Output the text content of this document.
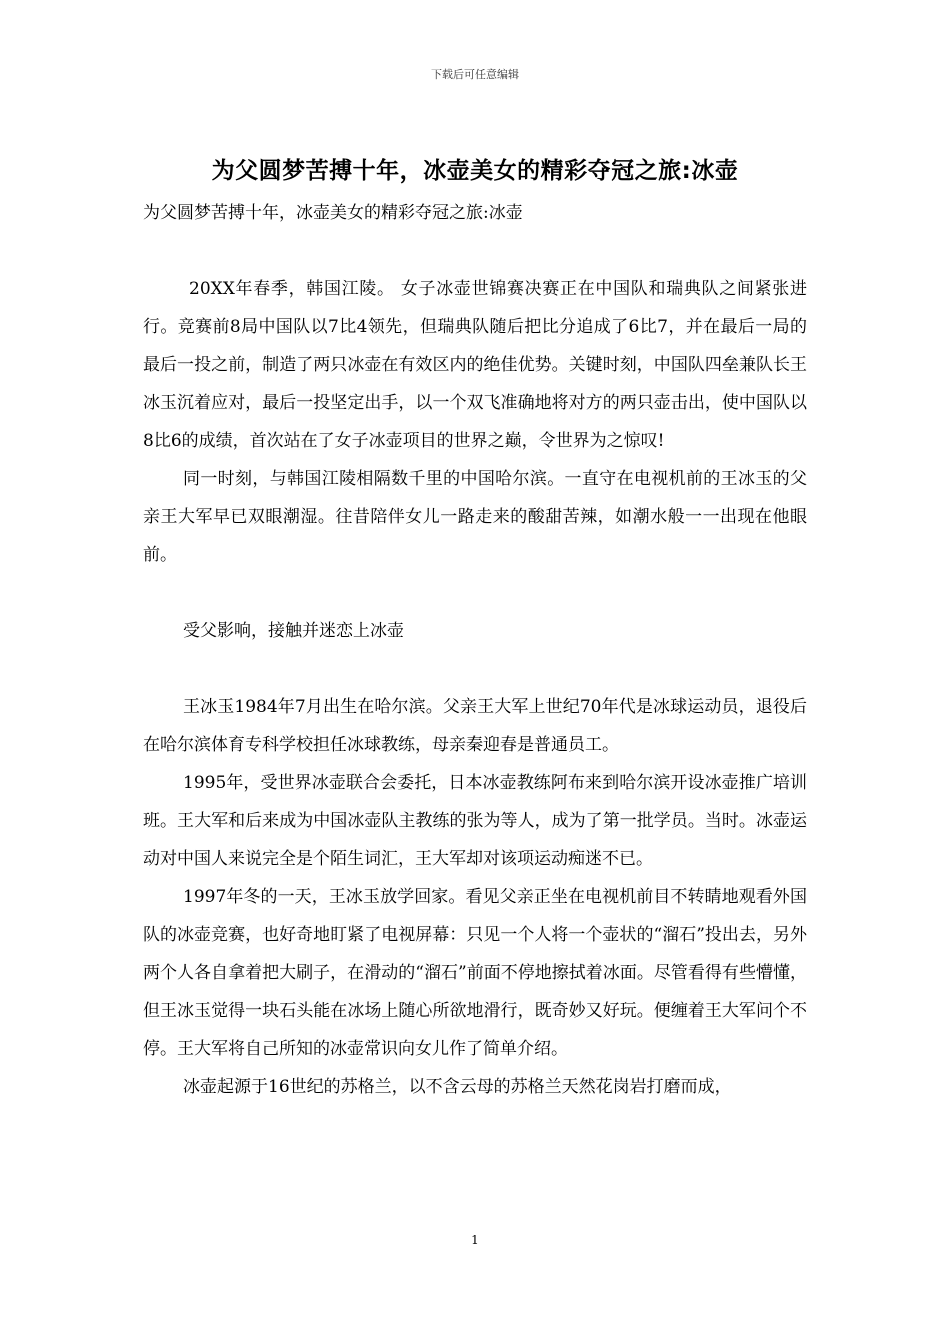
下载后可任意编辑
为父圆梦苦搏十年，冰壶美女的精彩夺冠之旅:冰壶

为父圆梦苦搏十年，冰壶美女的精彩夺冠之旅:冰壶

20XX年春季，韩国江陵。 女子冰壶世锦赛决赛正在中国队和瑞典队之间紧张进行。竞赛前8局中国队以7比4领先，但瑞典队随后把比分追成了6比7，并在最后一局的最后一投之前，制造了两只冰壶在有效区内的绝佳优势。关键时刻，中国队四垒兼队长王冰玉沉着应对，最后一投坚定出手，以一个双飞准确地将对方的两只壶击出，使中国队以8比6的成绩，首次站在了女子冰壶项目的世界之巅，令世界为之惊叹!

同一时刻，与韩国江陵相隔数千里的中国哈尔滨。一直守在电视机前的王冰玉的父亲王大军早已双眼潮湿。往昔陪伴女儿一路走来的酸甜苦辣，如潮水般一一出现在他眼前。

受父影响，接触并迷恋上冰壶

王冰玉1984年7月出生在哈尔滨。父亲王大军上世纪70年代是冰球运动员，退役后在哈尔滨体育专科学校担任冰球教练，母亲秦迎春是普通员工。

1995年，受世界冰壶联合会委托，日本冰壶教练阿布来到哈尔滨开设冰壶推广培训班。王大军和后来成为中国冰壶队主教练的张为等人，成为了第一批学员。当时。冰壶运动对中国人来说完全是个陌生词汇，王大军却对该项运动痴迷不已。

1997年冬的一天，王冰玉放学回家。看见父亲正坐在电视机前目不转睛地观看外国队的冰壶竞赛，也好奇地盯紧了电视屏幕：只见一个人将一个壶状的“溜石”投出去，另外两个人各自拿着把大刷子，在滑动的“溜石”前面不停地擦拭着冰面。尽管看得有些懵懂，但王冰玉觉得一块石头能在冰场上随心所欲地滑行，既奇妙又好玩。便缠着王大军问个不停。王大军将自己所知的冰壶常识向女儿作了简单介绍。

冰壶起源于16世纪的苏格兰，以不含云母的苏格兰天然花岗岩打磨而成，

1
